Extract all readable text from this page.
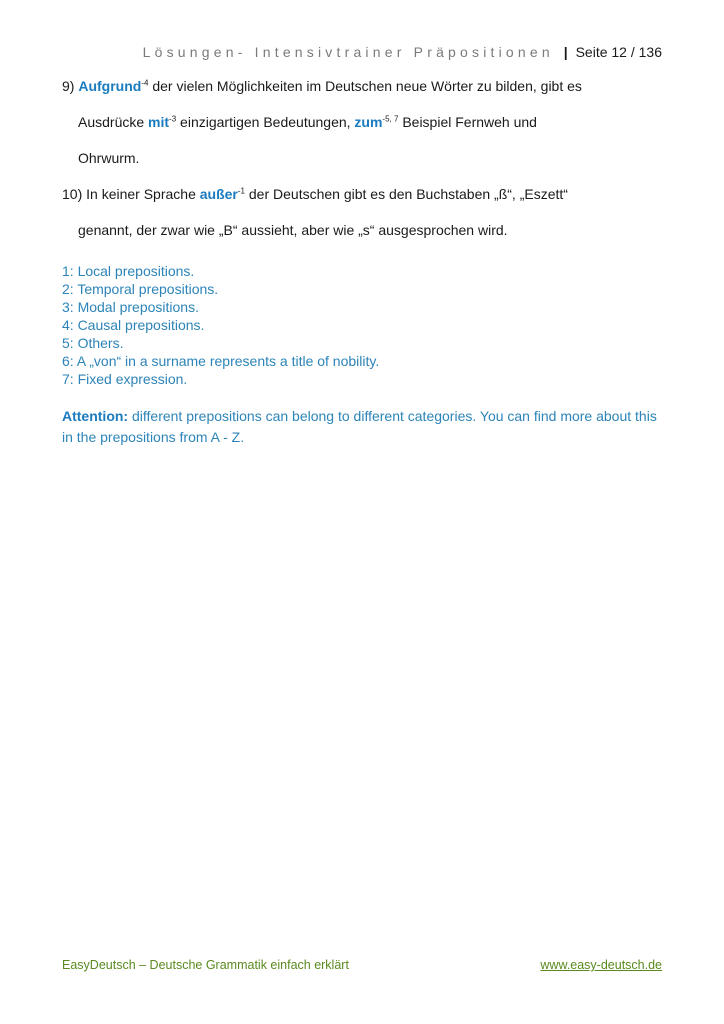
Lösungen- Intensivtrainer Präpositionen | Seite 12 / 136
9) Aufgrund$^{-4}$ der vielen Möglichkeiten im Deutschen neue Wörter zu bilden, gibt es
Ausdrücke mit$^{-3}$ einzigartigen Bedeutungen, zum$^{-5, 7}$ Beispiel Fernweh und
Ohrwurm.
10) In keiner Sprache außer$^{-1}$ der Deutschen gibt es den Buchstaben „ß“, „Eszett“
genannt, der zwar wie „B“ aussieht, aber wie „s“ ausgesprochen wird.
1: Local prepositions.
2: Temporal prepositions.
3: Modal prepositions.
4: Causal prepositions.
5: Others.
6: A „von“ in a surname represents a title of nobility.
7: Fixed expression.
Attention: different prepositions can belong to different categories. You can find more about this in the prepositions from A - Z.
EasyDeutsch – Deutsche Grammatik einfach erklärt	www.easy-deutsch.de
